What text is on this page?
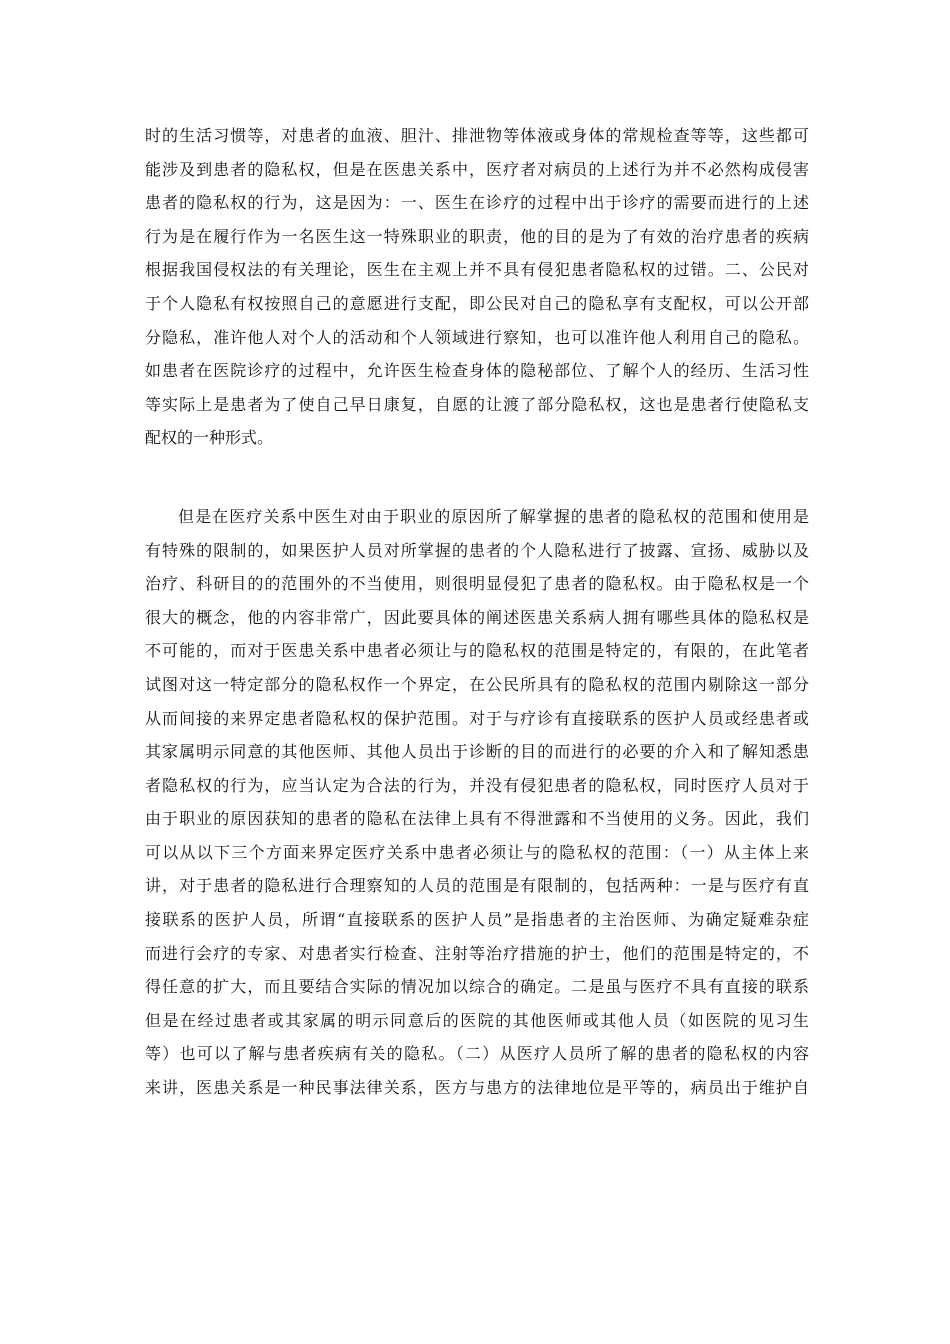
时的生活习惯等，对患者的血液、胆汁、排泄物等体液或身体的常规检查等等，这些都可
能涉及到患者的隐私权，但是在医患关系中，医疗者对病员的上述行为并不必然构成侵害
患者的隐私权的行为，这是因为：一、医生在诊疗的过程中出于诊疗的需要而进行的上述
行为是在履行作为一名医生这一特殊职业的职责，他的目的是为了有效的治疗患者的疾病
根据我国侵权法的有关理论，医生在主观上并不具有侵犯患者隐私权的过错。二、公民对
于个人隐私有权按照自己的意愿进行支配，即公民对自己的隐私享有支配权，可以公开部
分隐私，准许他人对个人的活动和个人领域进行察知，也可以准许他人利用自己的隐私。
如患者在医院诊疗的过程中，允许医生检查身体的隐秘部位、了解个人的经历、生活习性
等实际上是患者为了使自己早日康复，自愿的让渡了部分隐私权，这也是患者行使隐私支
配权的一种形式。
但是在医疗关系中医生对由于职业的原因所了解掌握的患者的隐私权的范围和使用是
有特殊的限制的，如果医护人员对所掌握的患者的个人隐私进行了披露、宣扬、威胁以及
治疗、科研目的的范围外的不当使用，则很明显侵犯了患者的隐私权。由于隐私权是一个
很大的概念，他的内容非常广，因此要具体的阐述医患关系病人拥有哪些具体的隐私权是
不可能的，而对于医患关系中患者必须让与的隐私权的范围是特定的，有限的，在此笔者
试图对这一特定部分的隐私权作一个界定，在公民所具有的隐私权的范围内剔除这一部分
从而间接的来界定患者隐私权的保护范围。对于与疗诊有直接联系的医护人员或经患者或
其家属明示同意的其他医师、其他人员出于诊断的目的而进行的必要的介入和了解知悉患
者隐私权的行为，应当认定为合法的行为，并没有侵犯患者的隐私权，同时医疗人员对于
由于职业的原因获知的患者的隐私在法律上具有不得泄露和不当使用的义务。因此，我们
可以从以下三个方面来界定医疗关系中患者必须让与的隐私权的范围：（一）从主体上来
讲，对于患者的隐私进行合理察知的人员的范围是有限制的，包括两种：一是与医疗有直
接联系的医护人员，所谓“直接联系的医护人员”是指患者的主治医师、为确定疑难杂症
而进行会疗的专家、对患者实行检查、注射等治疗措施的护士，他们的范围是特定的，不
得任意的扩大，而且要结合实际的情况加以综合的确定。二是虽与医疗不具有直接的联系
但是在经过患者或其家属的明示同意后的医院的其他医师或其他人员（如医院的见习生
等）也可以了解与患者疾病有关的隐私。（二）从医疗人员所了解的患者的隐私权的内容
来讲，医患关系是一种民事法律关系，医方与患方的法律地位是平等的，病员出于维护自
